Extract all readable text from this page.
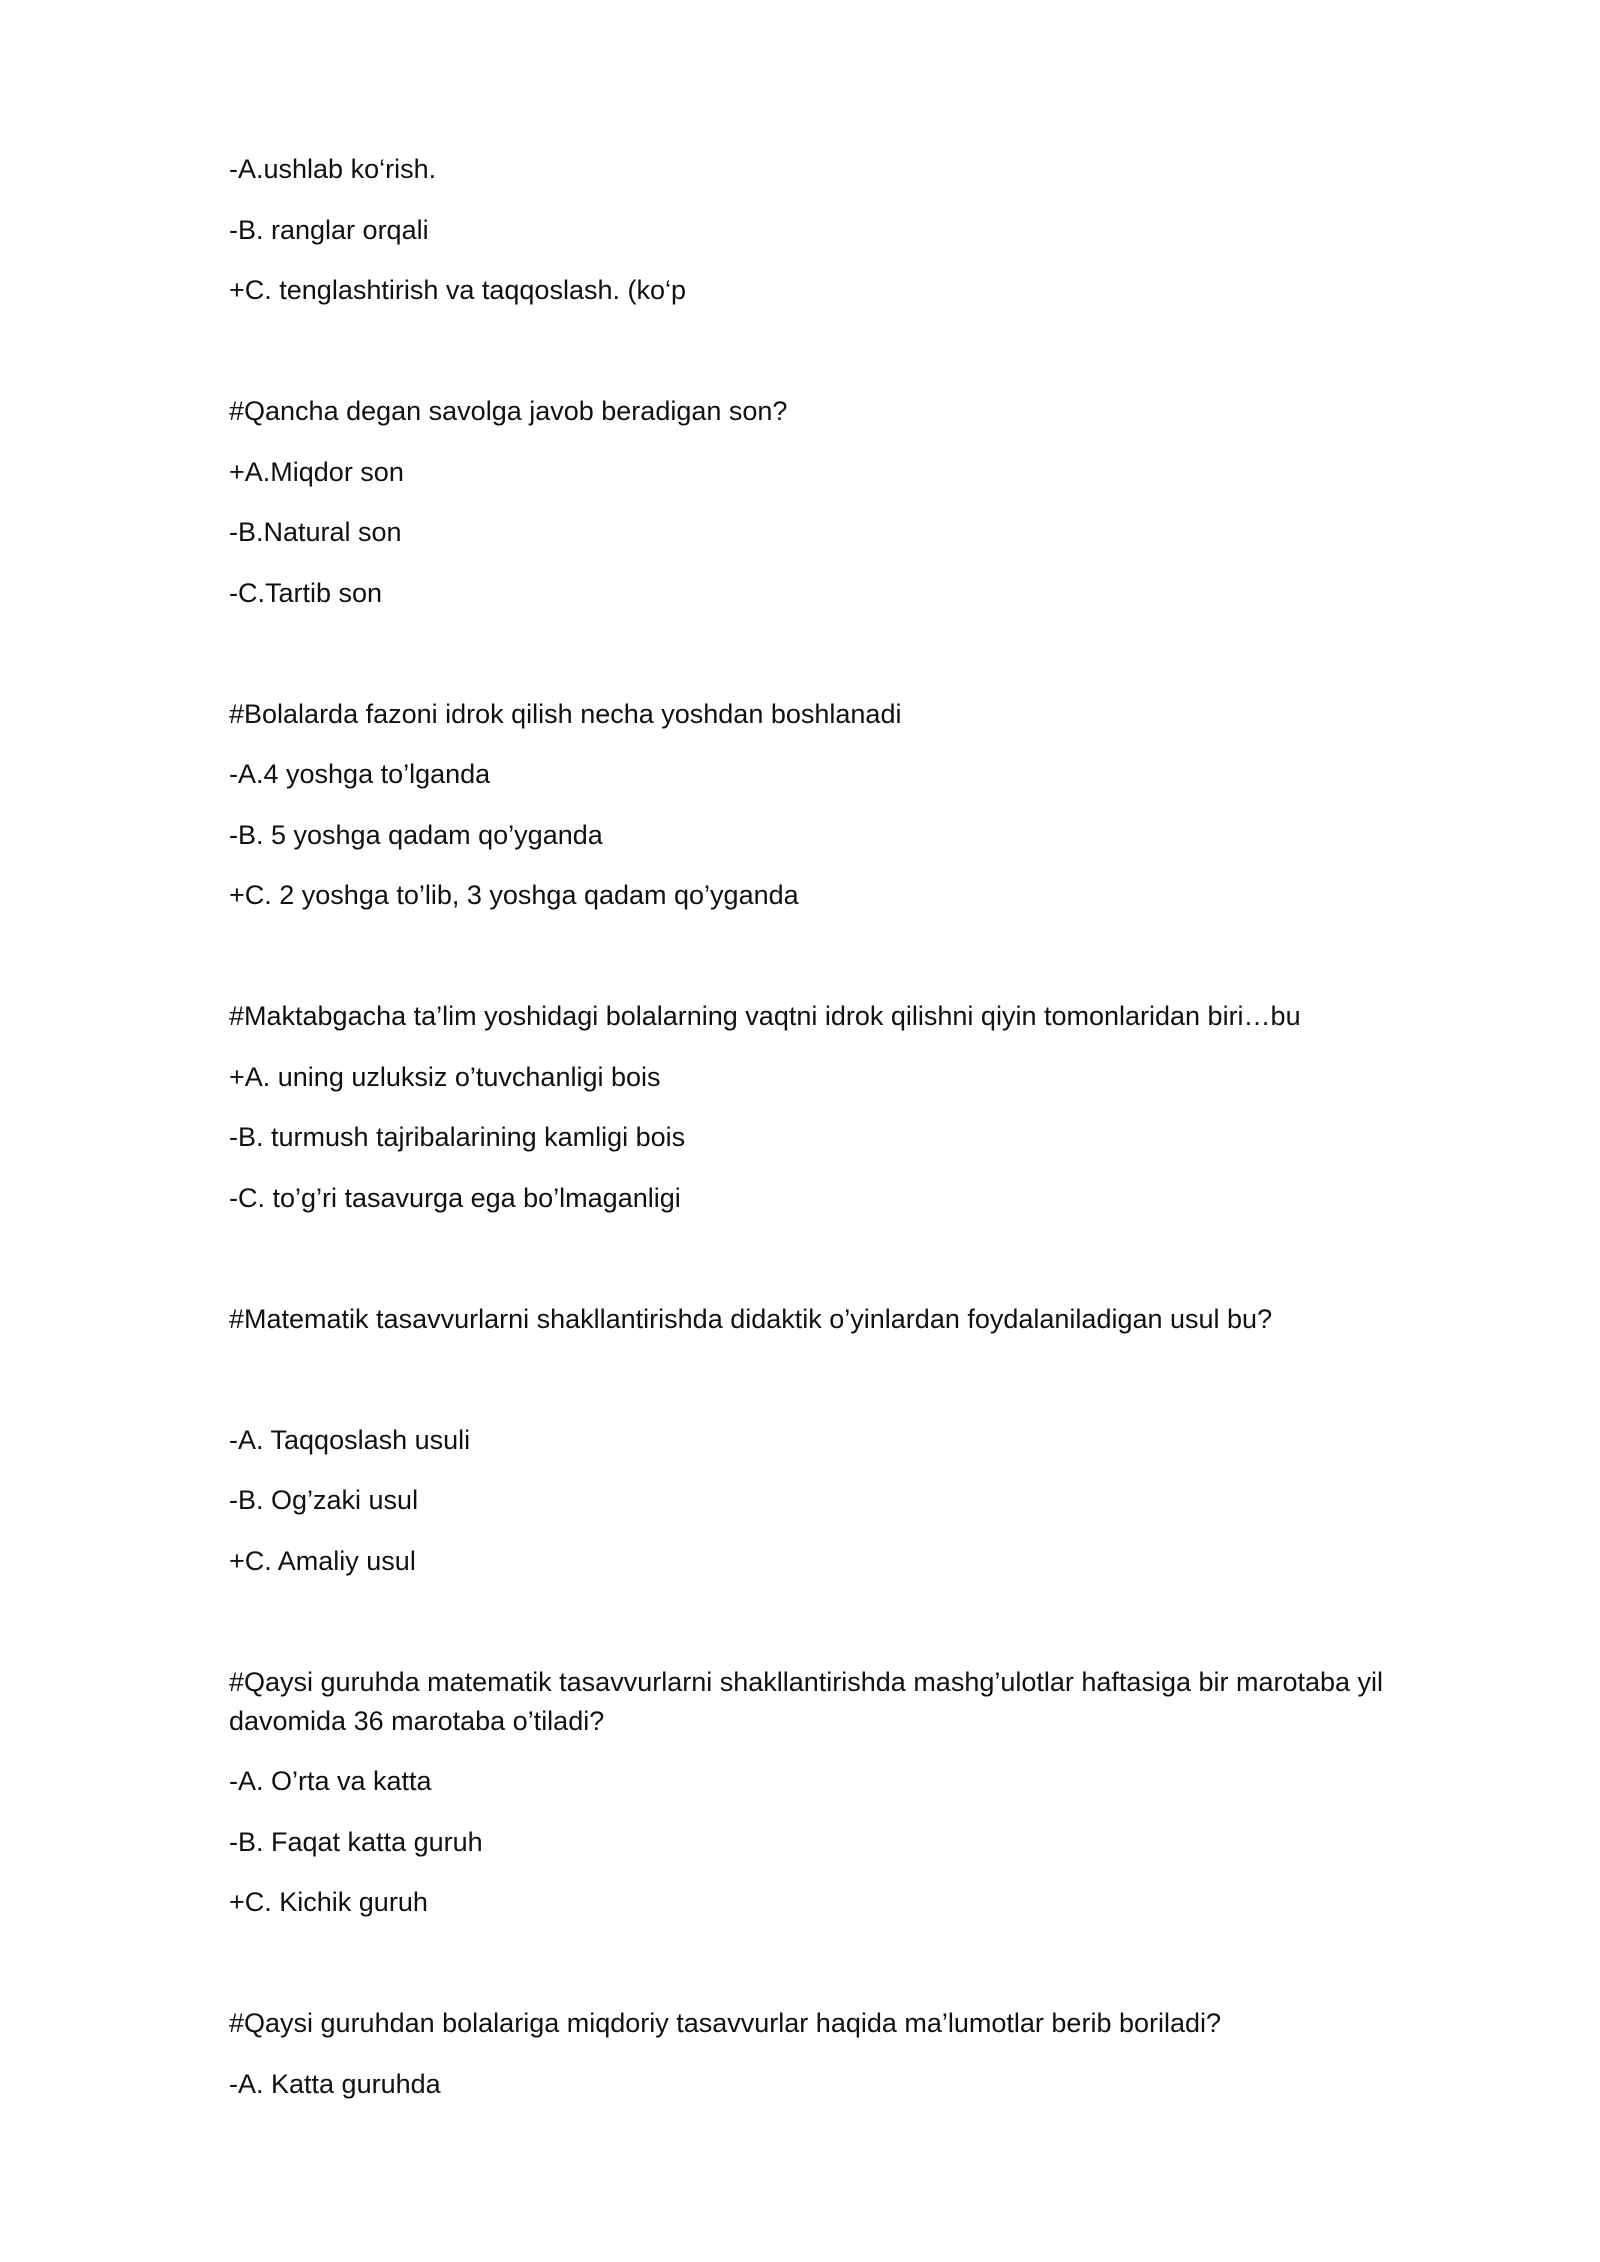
-A.ushlab ko‘rish.

-B. ranglar orqali

+C. tenglashtirish va taqqoslash. (ko‘p

#Qancha degan savolga javob beradigan son?

+A.Miqdor son

-B.Natural son

-C.Tartib son

#Bolalarda fazoni idrok qilish necha yoshdan boshlanadi

-A.4 yoshga to’lganda

-B. 5 yoshga qadam qo’yganda

+C. 2 yoshga to’lib, 3 yoshga qadam qo’yganda

#Maktabgacha ta’lim yoshidagi bolalarning vaqtni idrok qilishni qiyin tomonlaridan biri…bu

+A. uning uzluksiz o’tuvchanligi bois

-B. turmush tajribalarining kamligi bois

-C. to’g’ri tasavurga ega bo’lmaganligi

#Matematik tasavvurlarni shakllantirishda didaktik o’yinlardan foydalaniladigan usul bu?

-A. Taqqoslash usuli

-B. Og’zaki usul

+C. Amaliy usul

#Qaysi guruhda matematik tasavvurlarni shakllantirishda mashg’ulotlar haftasiga bir marotaba yil davomida 36 marotaba o’tiladi?

-A. O’rta va katta

-B. Faqat katta guruh

+C. Kichik guruh

#Qaysi guruhdan bolalariga miqdoriy tasavvurlar haqida ma’lumotlar berib boriladi?

-A. Katta guruhda
